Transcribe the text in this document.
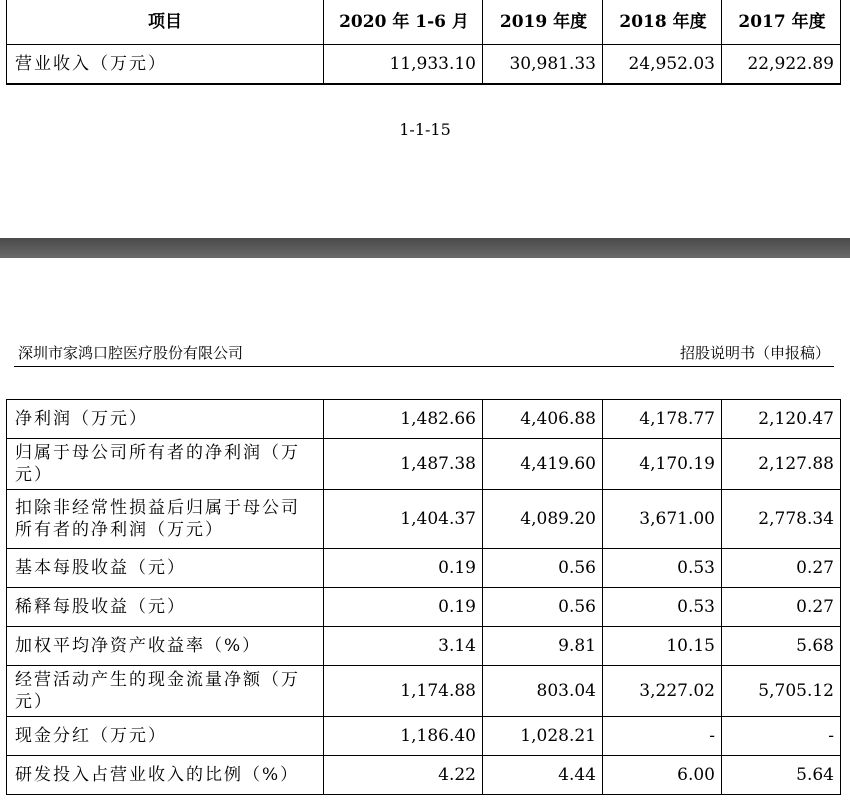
项目	2020 年 1-6 月	2019 年度	2018 年度	2017 年度
营业收入（万元）	11,933.10	30,981.33	24,952.03	22,922.89
1-1-15
深圳市家鸿口腔医疗股份有限公司	招股说明书（申报稿）
净利润（万元）	1,482.66	4,406.88	4,178.77	2,120.47
归属于母公司所有者的净利润（万元）	1,487.38	4,419.60	4,170.19	2,127.88
扣除非经常性损益后归属于母公司所有者的净利润（万元）	1,404.37	4,089.20	3,671.00	2,778.34
基本每股收益（元）	0.19	0.56	0.53	0.27
稀释每股收益（元）	0.19	0.56	0.53	0.27
加权平均净资产收益率（%）	3.14	9.81	10.15	5.68
经营活动产生的现金流量净额（万元）	1,174.88	803.04	3,227.02	5,705.12
现金分红（万元）	1,186.40	1,028.21	-	-
研发投入占营业收入的比例（%）	4.22	4.44	6.00	5.64
